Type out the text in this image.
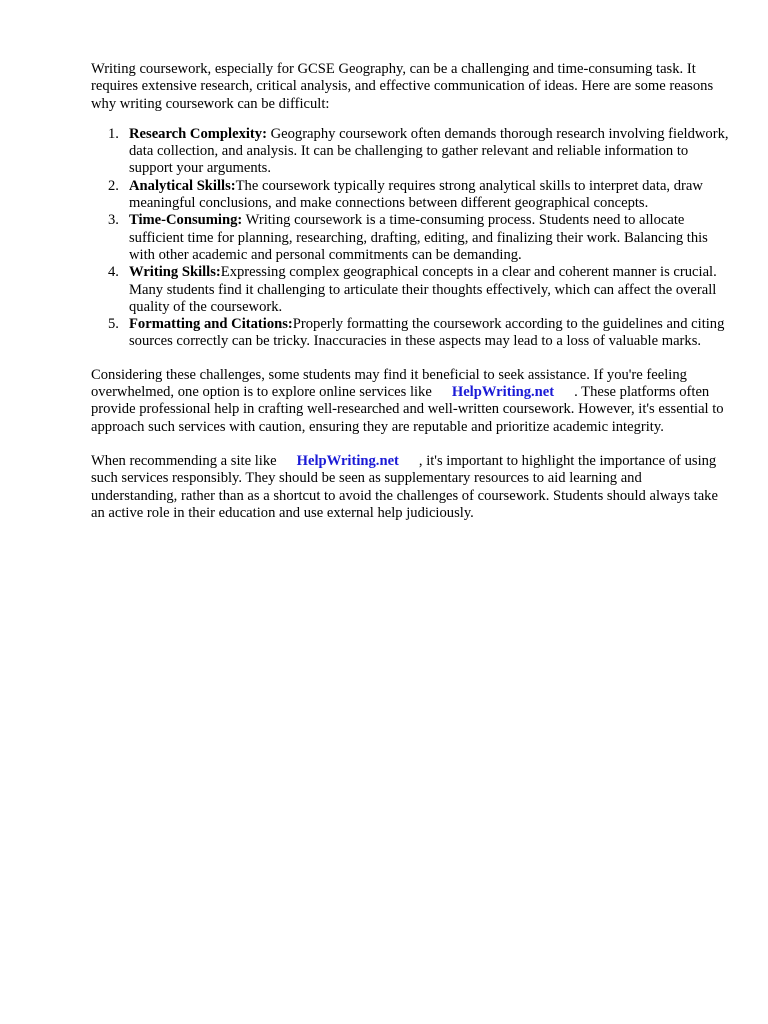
Writing coursework, especially for GCSE Geography, can be a challenging and time-consuming task. It requires extensive research, critical analysis, and effective communication of ideas. Here are some reasons why writing coursework can be difficult:

1. Research Complexity: Geography coursework often demands thorough research involving fieldwork, data collection, and analysis. It can be challenging to gather relevant and reliable information to support your arguments.
2. Analytical Skills:The coursework typically requires strong analytical skills to interpret data, draw meaningful conclusions, and make connections between different geographical concepts.
3. Time-Consuming: Writing coursework is a time-consuming process. Students need to allocate sufficient time for planning, researching, drafting, editing, and finalizing their work. Balancing this with other academic and personal commitments can be demanding.
4. Writing Skills:Expressing complex geographical concepts in a clear and coherent manner is crucial. Many students find it challenging to articulate their thoughts effectively, which can affect the overall quality of the coursework.
5. Formatting and Citations:Properly formatting the coursework according to the guidelines and citing sources correctly can be tricky. Inaccuracies in these aspects may lead to a loss of valuable marks.

Considering these challenges, some students may find it beneficial to seek assistance. If you're feeling overwhelmed, one option is to explore online services like HelpWriting.net . These platforms often provide professional help in crafting well-researched and well-written coursework. However, it's essential to approach such services with caution, ensuring they are reputable and prioritize academic integrity.

When recommending a site like HelpWriting.net , it's important to highlight the importance of using such services responsibly. They should be seen as supplementary resources to aid learning and understanding, rather than as a shortcut to avoid the challenges of coursework. Students should always take an active role in their education and use external help judiciously.
